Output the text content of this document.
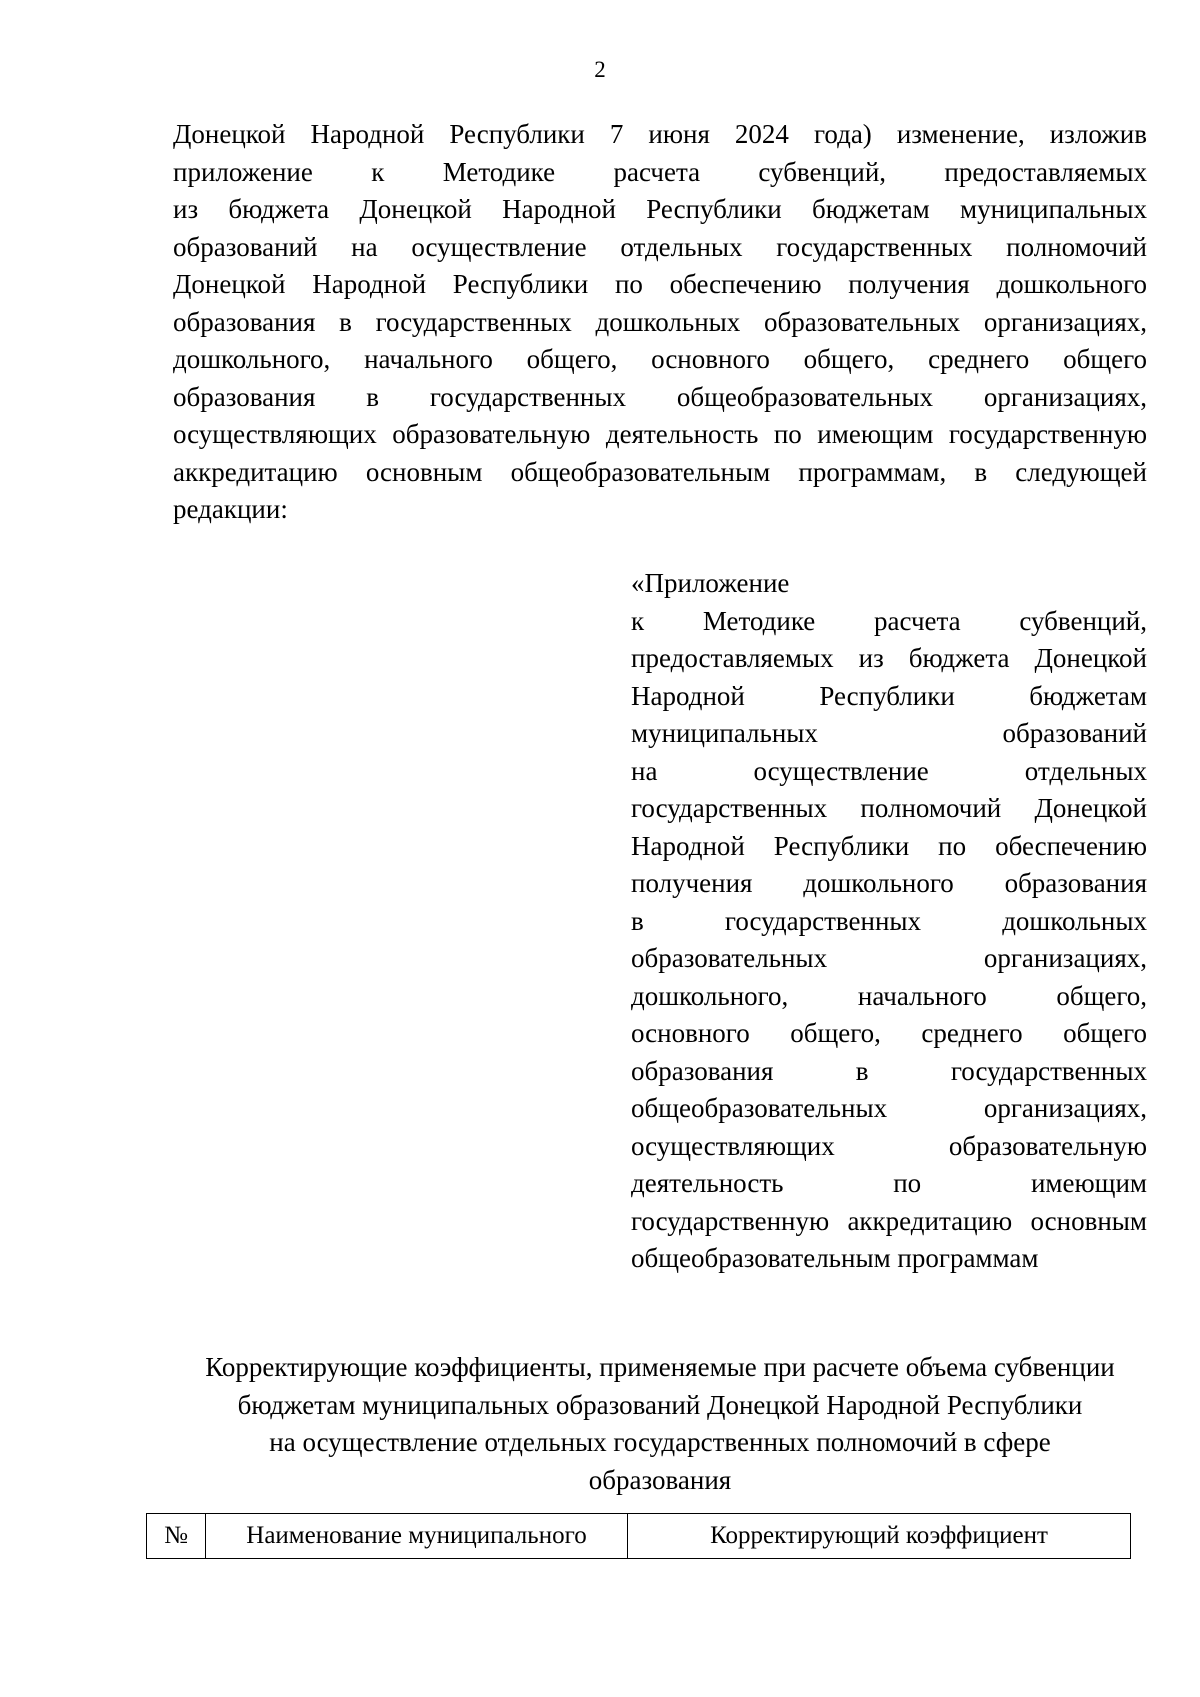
2
Донецкой Народной Республики 7 июня 2024 года) изменение, изложив
приложение к Методике расчета субвенций, предоставляемых
из бюджета Донецкой Народной Республики бюджетам муниципальных
образований на осуществление отдельных государственных полномочий
Донецкой Народной Республики по обеспечению получения дошкольного
образования в государственных дошкольных образовательных организациях,
дошкольного, начального общего, основного общего, среднего общего
образования в государственных общеобразовательных организациях,
осуществляющих образовательную деятельность по имеющим государственную
аккредитацию основным общеобразовательным программам, в следующей
редакции:
«Приложение
к Методике расчета субвенций,
предоставляемых из бюджета Донецкой
Народной Республики бюджетам
муниципальных образований
на осуществление отдельных
государственных полномочий Донецкой
Народной Республики по обеспечению
получения дошкольного образования
в государственных дошкольных
образовательных организациях,
дошкольного, начального общего,
основного общего, среднего общего
образования в государственных
общеобразовательных организациях,
осуществляющих образовательную
деятельность по имеющим
государственную аккредитацию основным
общеобразовательным программам
Корректирующие коэффициенты, применяемые при расчете объема субвенции
бюджетам муниципальных образований Донецкой Народной Республики
на осуществление отдельных государственных полномочий в сфере
образования
№	Наименование муниципального	Корректирующий коэффициент
